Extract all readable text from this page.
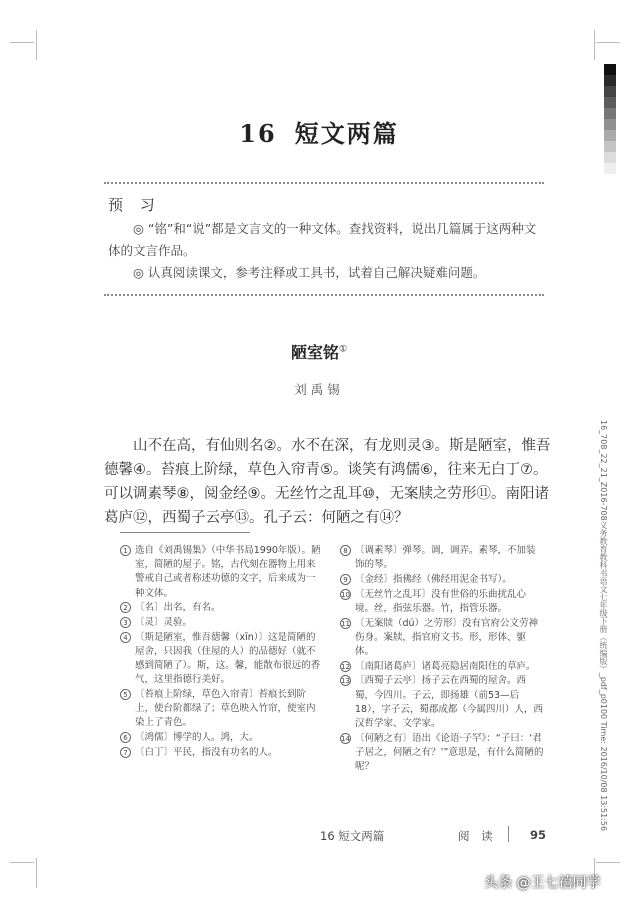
16_708_22_21_Z016-708义务教育教科书语文七年级下册（统编版）_pdf_p0100 Time: 2016/10/08 13:51:56
16 短文两篇
预 习

◎ “铭”和“说”都是文言文的一种文体。查找资料，说出几篇属于这两种文体的文言作品。

◎ 认真阅读课文，参考注释或工具书，试着自己解决疑难问题。

陋室铭①
刘禹锡

山不在高，有仙则名②。水不在深，有龙则灵③。斯是陋室，惟吾德馨④。苔痕上阶绿，草色入帘青⑤。谈笑有鸿儒⑥，往来无白丁⑦。可以调素琴⑧，阅金经⑨。无丝竹之乱耳⑩，无案牍之劳形⑪。南阳诸葛庐⑫，西蜀子云亭⑬。孔子云：何陋之有⑭？

1 选自《刘禹锡集》（中华书局1990年版）。陋室，简陋的屋子。铭，古代刻在器物上用来警戒自己或者称述功德的文字，后来成为一种文体。
2 〔名〕出名，有名。
3 〔灵〕灵验。
4 〔斯是陋室，惟吾德馨（xīn）〕这是简陋的屋舍，只因我（住屋的人）的品德好（就不感到简陋了）。斯，这。馨，能散布很远的香气，这里指德行美好。
5 〔苔痕上阶绿，草色入帘青〕苔痕长到阶上，使台阶都绿了；草色映入竹帘，使室内染上了青色。
6 〔鸿儒〕博学的人。鸿，大。
7 〔白丁〕平民，指没有功名的人。
8 〔调素琴〕弹琴。调，调弄。素琴，不加装饰的琴。
9 〔金经〕指佛经（佛经用泥金书写）。
10 〔无丝竹之乱耳〕没有世俗的乐曲扰乱心境。丝，指弦乐器。竹，指管乐器。
11 〔无案牍（dú）之劳形〕没有官府公文劳神伤身。案牍，指官府文书。形，形体、躯体。
12 〔南阳诸葛庐〕诸葛亮隐居南阳住的草庐。
13 〔西蜀子云亭〕扬子云在西蜀的屋舍。西蜀，今四川。子云，即扬雄（前53—后18），字子云，蜀郡成都（今属四川）人，西汉哲学家、文学家。
14 〔何陋之有〕语出《论语·子罕》：“子曰：‘君子居之，何陋之有？’”意思是，有什么简陋的呢？
16 短文两篇	阅 读	95
头条 @王七禧同学
